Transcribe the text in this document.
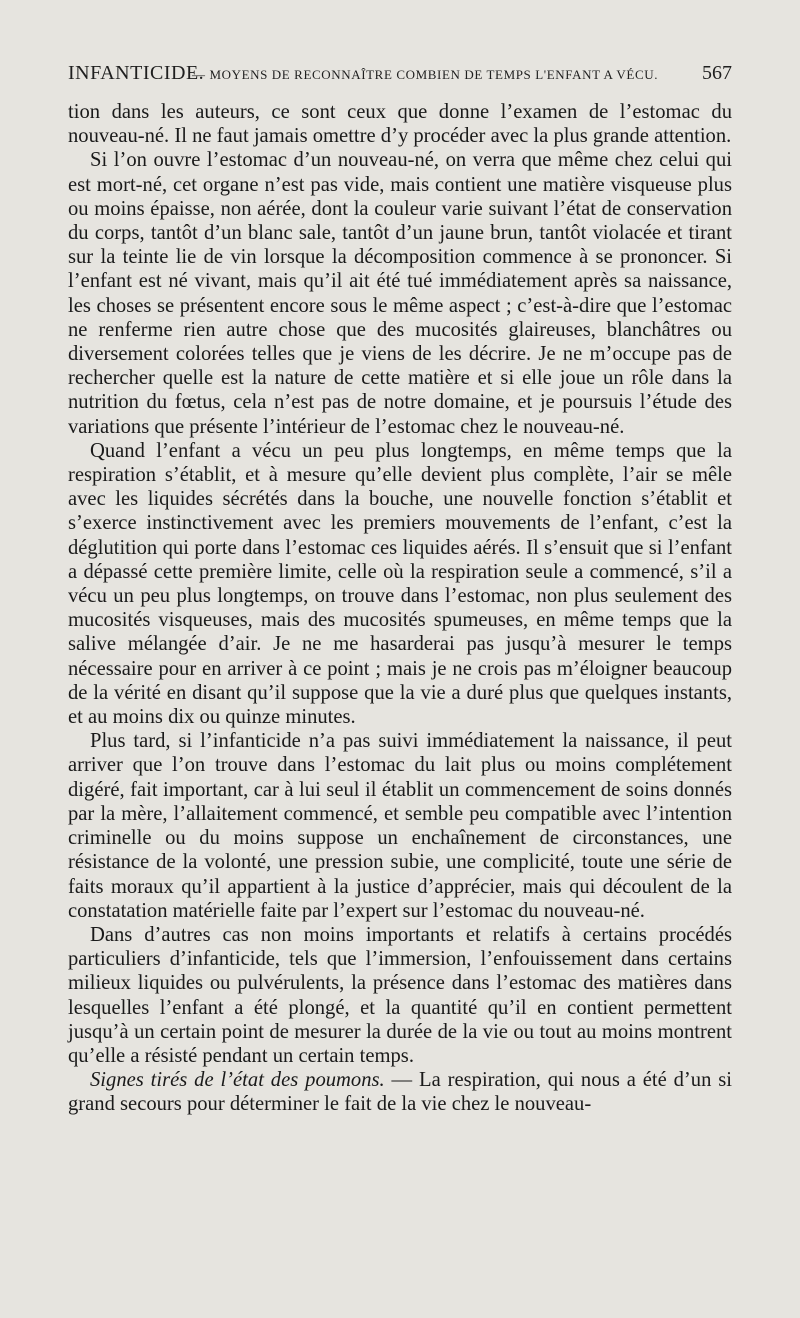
INFANTICIDE.
— MOYENS DE RECONNAÎTRE COMBIEN DE TEMPS L'ENFANT A VÉCU. 567

tion dans les auteurs, ce sont ceux que donne l’examen de l’estomac du nouveau-né. Il ne faut jamais omettre d’y procéder avec la plus grande attention.

Si l’on ouvre l’estomac d’un nouveau-né, on verra que même chez celui qui est mort-né, cet organe n’est pas vide, mais contient une matière visqueuse plus ou moins épaisse, non aérée, dont la couleur varie suivant l’état de conservation du corps, tantôt d’un blanc sale, tantôt d’un jaune brun, tantôt violacée et tirant sur la teinte lie de vin lorsque la décomposition commence à se prononcer. Si l’enfant est né vivant, mais qu’il ait été tué immédiatement après sa naissance, les choses se présentent encore sous le même aspect ; c’est-à-dire que l’estomac ne renferme rien autre chose que des mucosités glaireuses, blanchâtres ou diversement colorées telles que je viens de les décrire. Je ne m’occupe pas de rechercher quelle est la nature de cette matière et si elle joue un rôle dans la nutrition du fœtus, cela n’est pas de notre domaine, et je poursuis l’étude des variations que présente l’intérieur de l’estomac chez le nouveau-né.

Quand l’enfant a vécu un peu plus longtemps, en même temps que la respiration s’établit, et à mesure qu’elle devient plus complète, l’air se mêle avec les liquides sécrétés dans la bouche, une nouvelle fonction s’établit et s’exerce instinctivement avec les premiers mouvements de l’enfant, c’est la déglutition qui porte dans l’estomac ces liquides aérés. Il s’ensuit que si l’enfant a dépassé cette première limite, celle où la respiration seule a commencé, s’il a vécu un peu plus longtemps, on trouve dans l’estomac, non plus seulement des mucosités visqueuses, mais des mucosités spumeuses, en même temps que la salive mélangée d’air. Je ne me hasarderai pas jusqu’à mesurer le temps nécessaire pour en arriver à ce point ; mais je ne crois pas m’éloigner beaucoup de la vérité en disant qu’il suppose que la vie a duré plus que quelques instants, et au moins dix ou quinze minutes.

Plus tard, si l’infanticide n’a pas suivi immédiatement la naissance, il peut arriver que l’on trouve dans l’estomac du lait plus ou moins complétement digéré, fait important, car à lui seul il établit un commencement de soins donnés par la mère, l’allaitement commencé, et semble peu compatible avec l’intention criminelle ou du moins suppose un enchaînement de circonstances, une résistance de la volonté, une pression subie, une complicité, toute une série de faits moraux qu’il appartient à la justice d’apprécier, mais qui découlent de la constatation matérielle faite par l’expert sur l’estomac du nouveau-né.

Dans d’autres cas non moins importants et relatifs à certains procédés particuliers d’infanticide, tels que l’immersion, l’enfouissement dans certains milieux liquides ou pulvérulents, la présence dans l’estomac des matières dans lesquelles l’enfant a été plongé, et la quantité qu’il en contient permettent jusqu’à un certain point de mesurer la durée de la vie ou tout au moins montrent qu’elle a résisté pendant un certain temps.

Signes tirés de l’état des poumons. — La respiration, qui nous a été d’un si grand secours pour déterminer le fait de la vie chez le nouveau-
